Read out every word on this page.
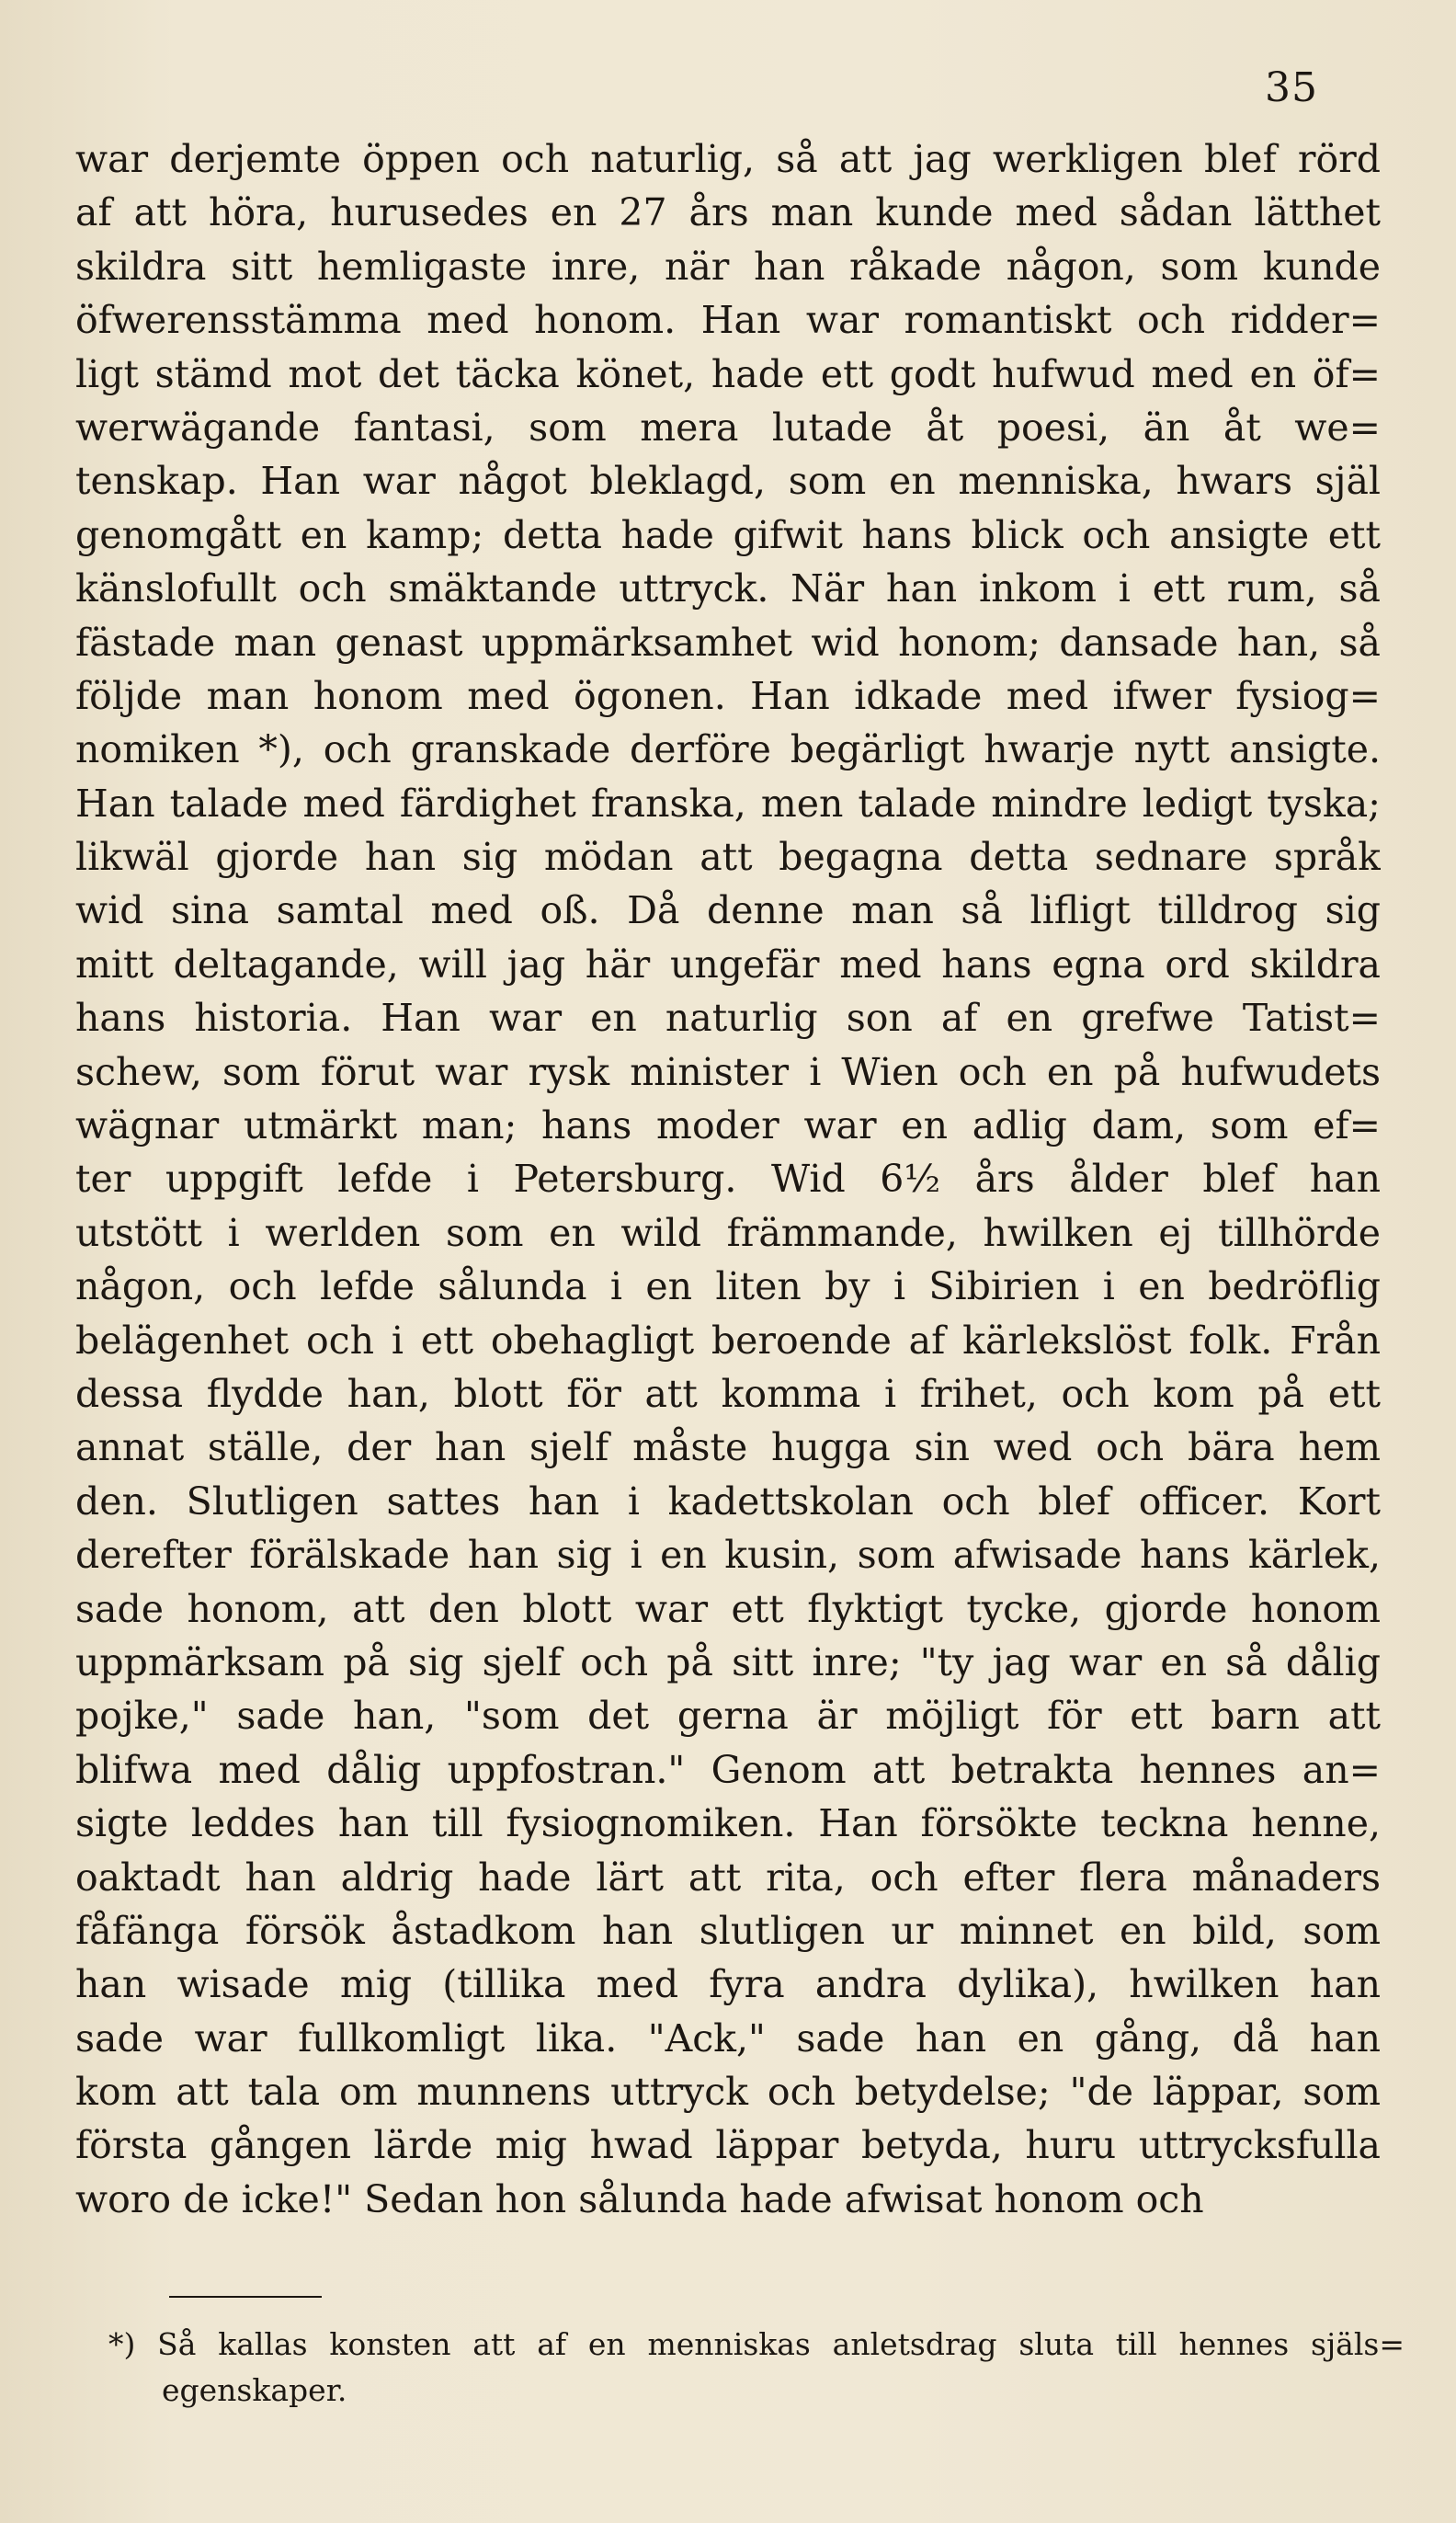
35
war derjemte öppen och naturlig, så att jag werkligen blef rörd
af att höra, hurusedes en 27 års man kunde med sådan lätthet
skildra sitt hemligaste inre, när han råkade någon, som kunde
öfwerensstämma med honom. Han war romantiskt och ridder=
ligt stämd mot det täcka könet, hade ett godt hufwud med en öf=
werwägande fantasi, som mera lutade åt poesi, än åt we=
tenskap. Han war något bleklagd, som en menniska, hwars själ
genomgått en kamp; detta hade gifwit hans blick och ansigte ett
känslofullt och smäktande uttryck. När han inkom i ett rum, så
fästade man genast uppmärksamhet wid honom; dansade han, så
följde man honom med ögonen. Han idkade med ifwer fysiog=
nomiken *), och granskade derföre begärligt hwarje nytt ansigte.
Han talade med färdighet franska, men talade mindre ledigt tyska;
likwäl gjorde han sig mödan att begagna detta sednare språk
wid sina samtal med oß. Då denne man så lifligt tilldrog sig
mitt deltagande, will jag här ungefär med hans egna ord skildra
hans historia. Han war en naturlig son af en grefwe Tatist=
schew, som förut war rysk minister i Wien och en på hufwudets
wägnar utmärkt man; hans moder war en adlig dam, som ef=
ter uppgift lefde i Petersburg. Wid 6½ års ålder blef han
utstött i werlden som en wild främmande, hwilken ej tillhörde
någon, och lefde sålunda i en liten by i Sibirien i en bedröflig
belägenhet och i ett obehagligt beroende af kärlekslöst folk. Från
dessa flydde han, blott för att komma i frihet, och kom på ett
annat ställe, der han sjelf måste hugga sin wed och bära hem
den. Slutligen sattes han i kadettskolan och blef officer. Kort
derefter förälskade han sig i en kusin, som afwisade hans kärlek,
sade honom, att den blott war ett flyktigt tycke, gjorde honom
uppmärksam på sig sjelf och på sitt inre; "ty jag war en så dålig
pojke," sade han, "som det gerna är möjligt för ett barn att
blifwa med dålig uppfostran." Genom att betrakta hennes an=
sigte leddes han till fysiognomiken. Han försökte teckna henne,
oaktadt han aldrig hade lärt att rita, och efter flera månaders
fåfänga försök åstadkom han slutligen ur minnet en bild, som
han wisade mig (tillika med fyra andra dylika), hwilken han
sade war fullkomligt lika. "Ack," sade han en gång, då han
kom att tala om munnens uttryck och betydelse; "de läppar, som
första gången lärde mig hwad läppar betyda, huru uttrycksfulla
woro de icke!" Sedan hon sålunda hade afwisat honom och
*) Så kallas konsten att af en menniskas anletsdrag sluta till hennes själs=
egenskaper.
